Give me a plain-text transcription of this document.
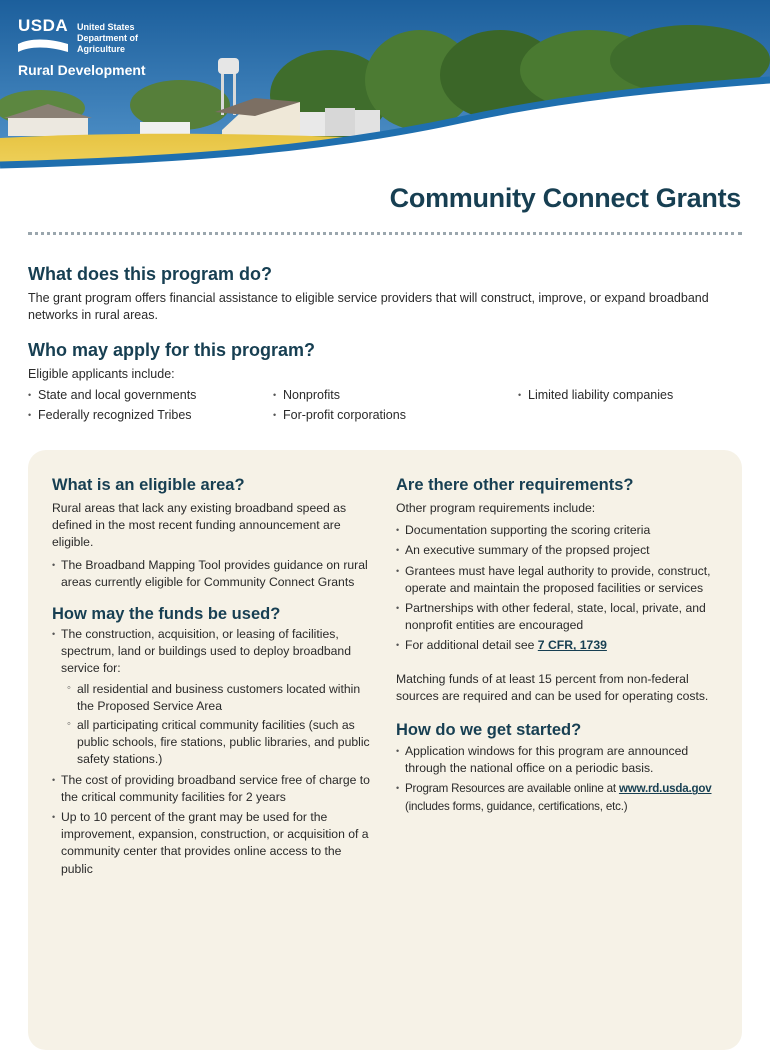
USDA United States
Department of
Agriculture
Rural Development
Community Connect Grants
What does this program do?

The grant program offers financial assistance to eligible service providers that will construct, improve, or expand broadband networks in rural areas.

Who may apply for this program?

Eligible applicants include:

• State and local governments
• Federally recognized Tribes
• Nonprofits
• For-profit corporations
• Limited liability companies
What is an eligible area?

Rural areas that lack any existing broadband speed as defined in the most recent funding announcement are eligible.

• The Broadband Mapping Tool provides guidance on rural areas currently eligible for Community Connect Grants
How may the funds be used?
• The construction, acquisition, or leasing of facilities, spectrum, land or buildings used to deploy broadband service for:
◦ all residential and business customers located within the Proposed Service Area
◦ all participating critical community facilities (such as public schools, fire stations, public libraries, and public safety stations.)
• The cost of providing broadband service free of charge to the critical community facilities for 2 years
• Up to 10 percent of the grant may be used for the improvement, expansion, construction, or acquisition of a community center that provides online access to the public
Are there other requirements?

Other program requirements include:

• Documentation supporting the scoring criteria
• An executive summary of the propsed project
• Grantees must have legal authority to provide, construct, operate and maintain the proposed facilities or services
• Partnerships with other federal, state, local, private, and nonprofit entities are encouraged
• For additional detail see 7 CFR, 1739

Matching funds of at least 15 percent from non-federal sources are required and can be used for operating costs.

How do we get started?
• Application windows for this program are announced through the national office on a periodic basis.
• Program Resources are available online at www.rd.usda.gov (includes forms, guidance, certifications, etc.)
